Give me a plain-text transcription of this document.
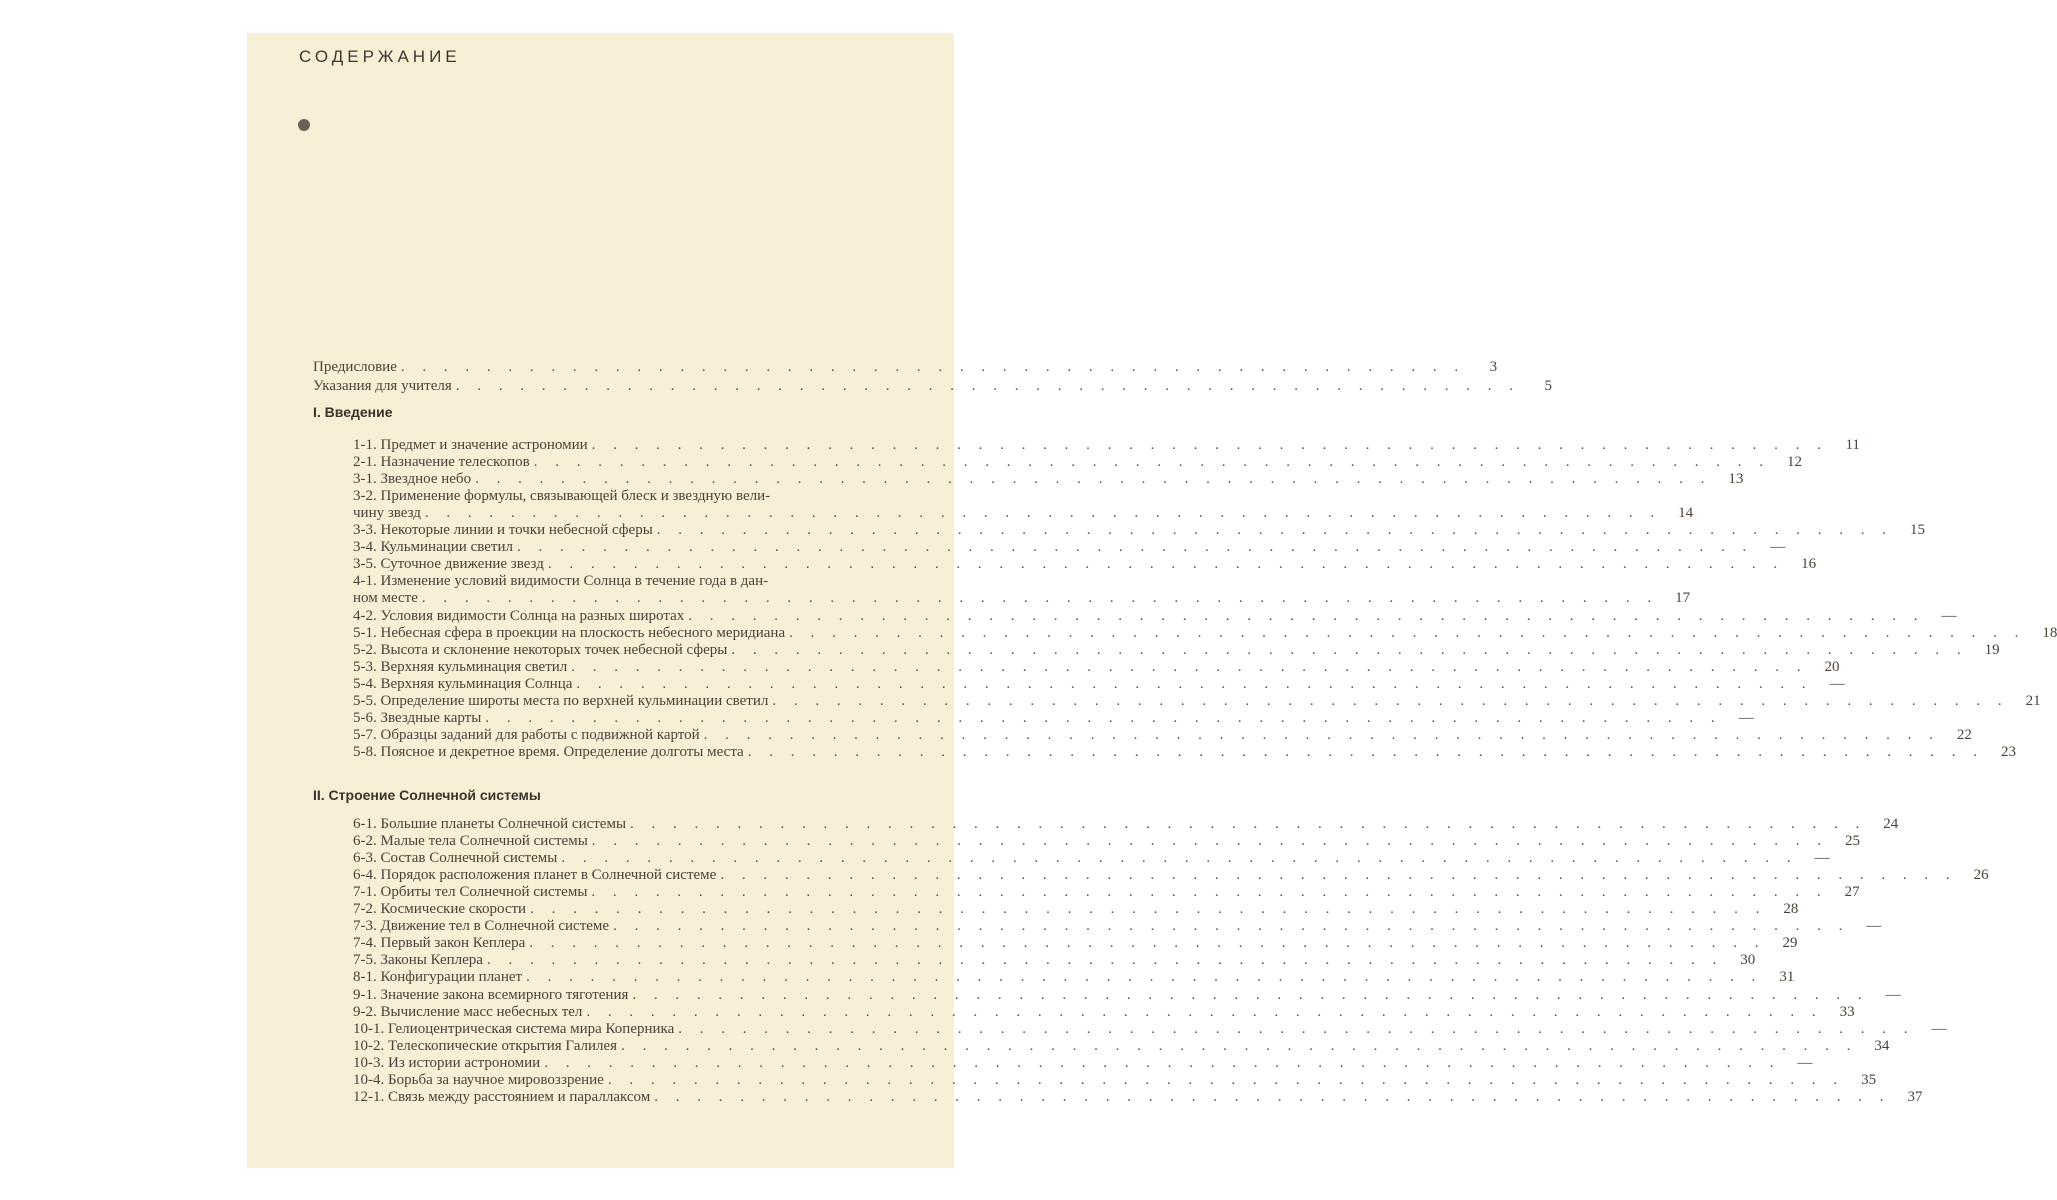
СОДЕРЖАНИЕ
Предисловие . . . . . . . . . . . . . . . . . . . . . . . . . . . . . . . . . . . . . . . . . . . . . . . . . .	3
Указания для учителя . . . . . . . . . . . . . . . . . . . . . . . . . . . . . . . . . . . . . . . . . . . . . . . . . .	5
I. Введение
1-1. Предмет и значение астрономии . . . . . . . . . . . . . . . . . . . . . . . . . . . . . . . . . . . . . . . . . . . . . . . . . . . . . . . . . .	11
2-1. Назначение телескопов . . . . . . . . . . . . . . . . . . . . . . . . . . . . . . . . . . . . . . . . . . . . . . . . . . . . . . . . . .	12
3-1. Звездное небо . . . . . . . . . . . . . . . . . . . . . . . . . . . . . . . . . . . . . . . . . . . . . . . . . . . . . . . . . .	13
3-2. Применение формулы, связывающей блеск и звездную вели-
чину звезд . . . . . . . . . . . . . . . . . . . . . . . . . . . . . . . . . . . . . . . . . . . . . . . . . . . . . . . . . .	14
3-3. Некоторые линии и точки небесной сферы . . . . . . . . . . . . . . . . . . . . . . . . . . . . . . . . . . . . . . . . . . . . . . . . . . . . . . . . . .	15
3-4. Кульминации светил . . . . . . . . . . . . . . . . . . . . . . . . . . . . . . . . . . . . . . . . . . . . . . . . . . . . . . . . . .	—
3-5. Суточное движение звезд . . . . . . . . . . . . . . . . . . . . . . . . . . . . . . . . . . . . . . . . . . . . . . . . . . . . . . . . . .	16
4-1. Изменение условий видимости Солнца в течение года в дан-
ном месте . . . . . . . . . . . . . . . . . . . . . . . . . . . . . . . . . . . . . . . . . . . . . . . . . . . . . . . . . .	17
4-2. Условия видимости Солнца на разных широтах . . . . . . . . . . . . . . . . . . . . . . . . . . . . . . . . . . . . . . . . . . . . . . . . . . . . . . . . . .	—
5-1. Небесная сфера в проекции на плоскость небесного меридиана . . . . . . . . . . . . . . . . . . . . . . . . . . . . . . . . . . . . . . . . . . . . . . . . . . . . . . . . . .	18
5-2. Высота и склонение некоторых точек небесной сферы . . . . . . . . . . . . . . . . . . . . . . . . . . . . . . . . . . . . . . . . . . . . . . . . . . . . . . . . . .	19
5-3. Верхняя кульминация светил . . . . . . . . . . . . . . . . . . . . . . . . . . . . . . . . . . . . . . . . . . . . . . . . . . . . . . . . . .	20
5-4. Верхняя кульминация Солнца . . . . . . . . . . . . . . . . . . . . . . . . . . . . . . . . . . . . . . . . . . . . . . . . . . . . . . . . . .	—
5-5. Определение широты места по верхней кульминации светил . . . . . . . . . . . . . . . . . . . . . . . . . . . . . . . . . . . . . . . . . . . . . . . . . . . . . . . . . .	21
5-6. Звездные карты . . . . . . . . . . . . . . . . . . . . . . . . . . . . . . . . . . . . . . . . . . . . . . . . . . . . . . . . . .	—
5-7. Образцы заданий для работы с подвижной картой . . . . . . . . . . . . . . . . . . . . . . . . . . . . . . . . . . . . . . . . . . . . . . . . . . . . . . . . . .	22
5-8. Поясное и декретное время. Определение долготы места . . . . . . . . . . . . . . . . . . . . . . . . . . . . . . . . . . . . . . . . . . . . . . . . . . . . . . . . . .	23
II. Строение Солнечной системы
6-1. Большие планеты Солнечной системы . . . . . . . . . . . . . . . . . . . . . . . . . . . . . . . . . . . . . . . . . . . . . . . . . . . . . . . . . .	24
6-2. Малые тела Солнечной системы . . . . . . . . . . . . . . . . . . . . . . . . . . . . . . . . . . . . . . . . . . . . . . . . . . . . . . . . . .	25
6-3. Состав Солнечной системы . . . . . . . . . . . . . . . . . . . . . . . . . . . . . . . . . . . . . . . . . . . . . . . . . . . . . . . . . .	—
6-4. Порядок расположения планет в Солнечной системе . . . . . . . . . . . . . . . . . . . . . . . . . . . . . . . . . . . . . . . . . . . . . . . . . . . . . . . . . .	26
7-1. Орбиты тел Солнечной системы . . . . . . . . . . . . . . . . . . . . . . . . . . . . . . . . . . . . . . . . . . . . . . . . . . . . . . . . . .	27
7-2. Космические скорости . . . . . . . . . . . . . . . . . . . . . . . . . . . . . . . . . . . . . . . . . . . . . . . . . . . . . . . . . .	28
7-3. Движение тел в Солнечной системе . . . . . . . . . . . . . . . . . . . . . . . . . . . . . . . . . . . . . . . . . . . . . . . . . . . . . . . . . .	—
7-4. Первый закон Кеплера . . . . . . . . . . . . . . . . . . . . . . . . . . . . . . . . . . . . . . . . . . . . . . . . . . . . . . . . . .	29
7-5. Законы Кеплера . . . . . . . . . . . . . . . . . . . . . . . . . . . . . . . . . . . . . . . . . . . . . . . . . . . . . . . . . .	30
8-1. Конфигурации планет . . . . . . . . . . . . . . . . . . . . . . . . . . . . . . . . . . . . . . . . . . . . . . . . . . . . . . . . . .	31
9-1. Значение закона всемирного тяготения . . . . . . . . . . . . . . . . . . . . . . . . . . . . . . . . . . . . . . . . . . . . . . . . . . . . . . . . . .	—
9-2. Вычисление масс небесных тел . . . . . . . . . . . . . . . . . . . . . . . . . . . . . . . . . . . . . . . . . . . . . . . . . . . . . . . . . .	33
10-1. Гелиоцентрическая система мира Коперника . . . . . . . . . . . . . . . . . . . . . . . . . . . . . . . . . . . . . . . . . . . . . . . . . . . . . . . . . .	—
10-2. Телескопические открытия Галилея . . . . . . . . . . . . . . . . . . . . . . . . . . . . . . . . . . . . . . . . . . . . . . . . . . . . . . . . . .	34
10-3. Из истории астрономии . . . . . . . . . . . . . . . . . . . . . . . . . . . . . . . . . . . . . . . . . . . . . . . . . . . . . . . . . .	—
10-4. Борьба за научное мировоззрение . . . . . . . . . . . . . . . . . . . . . . . . . . . . . . . . . . . . . . . . . . . . . . . . . . . . . . . . . .	35
12-1. Связь между расстоянием и параллаксом . . . . . . . . . . . . . . . . . . . . . . . . . . . . . . . . . . . . . . . . . . . . . . . . . . . . . . . . . .	37
